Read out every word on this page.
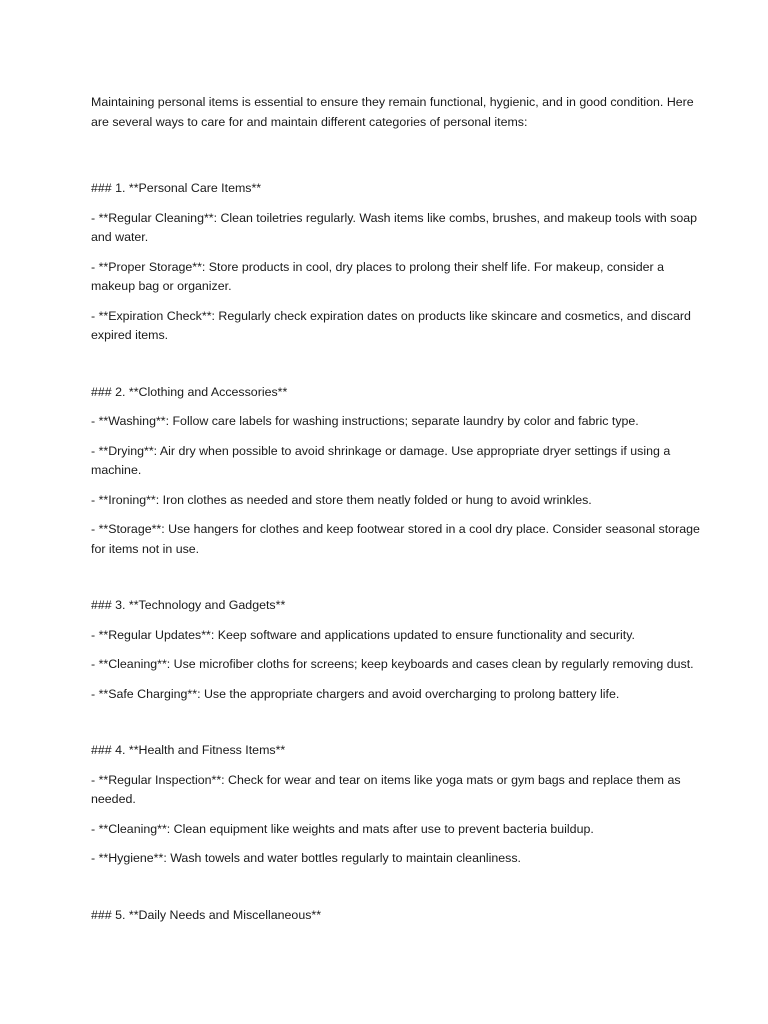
Maintaining personal items is essential to ensure they remain functional, hygienic, and in good condition. Here are several ways to care for and maintain different categories of personal items:

### 1. **Personal Care Items**

- **Regular Cleaning**: Clean toiletries regularly. Wash items like combs, brushes, and makeup tools with soap and water.

- **Proper Storage**: Store products in cool, dry places to prolong their shelf life. For makeup, consider a makeup bag or organizer.

- **Expiration Check**: Regularly check expiration dates on products like skincare and cosmetics, and discard expired items.

### 2. **Clothing and Accessories**

- **Washing**: Follow care labels for washing instructions; separate laundry by color and fabric type.

- **Drying**: Air dry when possible to avoid shrinkage or damage. Use appropriate dryer settings if using a machine.

- **Ironing**: Iron clothes as needed and store them neatly folded or hung to avoid wrinkles.

- **Storage**: Use hangers for clothes and keep footwear stored in a cool dry place. Consider seasonal storage for items not in use.

### 3. **Technology and Gadgets**

- **Regular Updates**: Keep software and applications updated to ensure functionality and security.

- **Cleaning**: Use microfiber cloths for screens; keep keyboards and cases clean by regularly removing dust.

- **Safe Charging**: Use the appropriate chargers and avoid overcharging to prolong battery life.

### 4. **Health and Fitness Items**

- **Regular Inspection**: Check for wear and tear on items like yoga mats or gym bags and replace them as needed.

- **Cleaning**: Clean equipment like weights and mats after use to prevent bacteria buildup.

- **Hygiene**: Wash towels and water bottles regularly to maintain cleanliness.

### 5. **Daily Needs and Miscellaneous**
